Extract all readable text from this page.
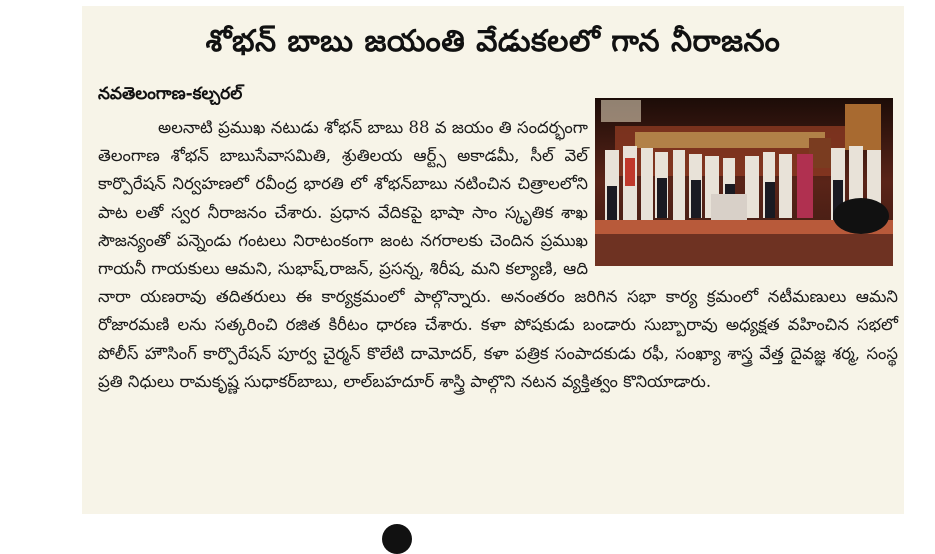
శోభన్ బాబు జయంతి వేడుకలలో గాన నీరాజనం
నవతెలంగాణ-కల్చరల్

అలనాటి ప్రముఖ నటుడు శోభన్ బాబు 88 వ జయం తి సందర్భంగా తెలంగాణ శోభన్ బాబుసేవాసమితి, శ్రుతిలయ ఆర్ట్స్ అకాడమీ, సీల్ వెల్ కార్పొరేషన్ నిర్వహణలో రవీంద్ర భారతి లో శోభన్‌బాబు నటించిన చిత్రాలలోని పాట లతో స్వర నీరాజనం చేశారు. ప్రధాన వేదికపై భాషా సాం స్కృతిక శాఖ సౌజన్యంతో పన్నెండు గంటలు నిరాటంకంగా జంట నగరాలకు చెందిన ప్రముఖ గాయనీ గాయకులు ఆమని, సుభాష్,రాజన్, ప్రసన్న, శిరీష, మని కల్యాణి, ఆది నారా యణరావు తదితరులు ఈ కార్యక్రమంలో పాల్గొన్నారు. అనంతరం జరిగిన సభా కార్య క్రమంలో నటీమణులు ఆమని రోజారమణి లను సత్కరించి రజిత కిరీటం ధారణ చేశారు. కళా పోషకుడు బండారు సుబ్బారావు అధ్యక్షత వహించిన సభలో పోలీస్ హౌసింగ్ కార్పొరేషన్ పూర్వ చైర్మన్ కొలేటి దామోదర్, కళా పత్రిక సంపాదకుడు రఫీ, సంఖ్యా శాస్త్ర వేత్త దైవజ్ఞ శర్మ, సంస్థ ప్రతి నిధులు రామకృష్ణ సుధాకర్‌బాబు, లాల్‌బహదూర్ శాస్త్రి పాల్గొని నటన వ్యక్తిత్వం కొనియాడారు.
